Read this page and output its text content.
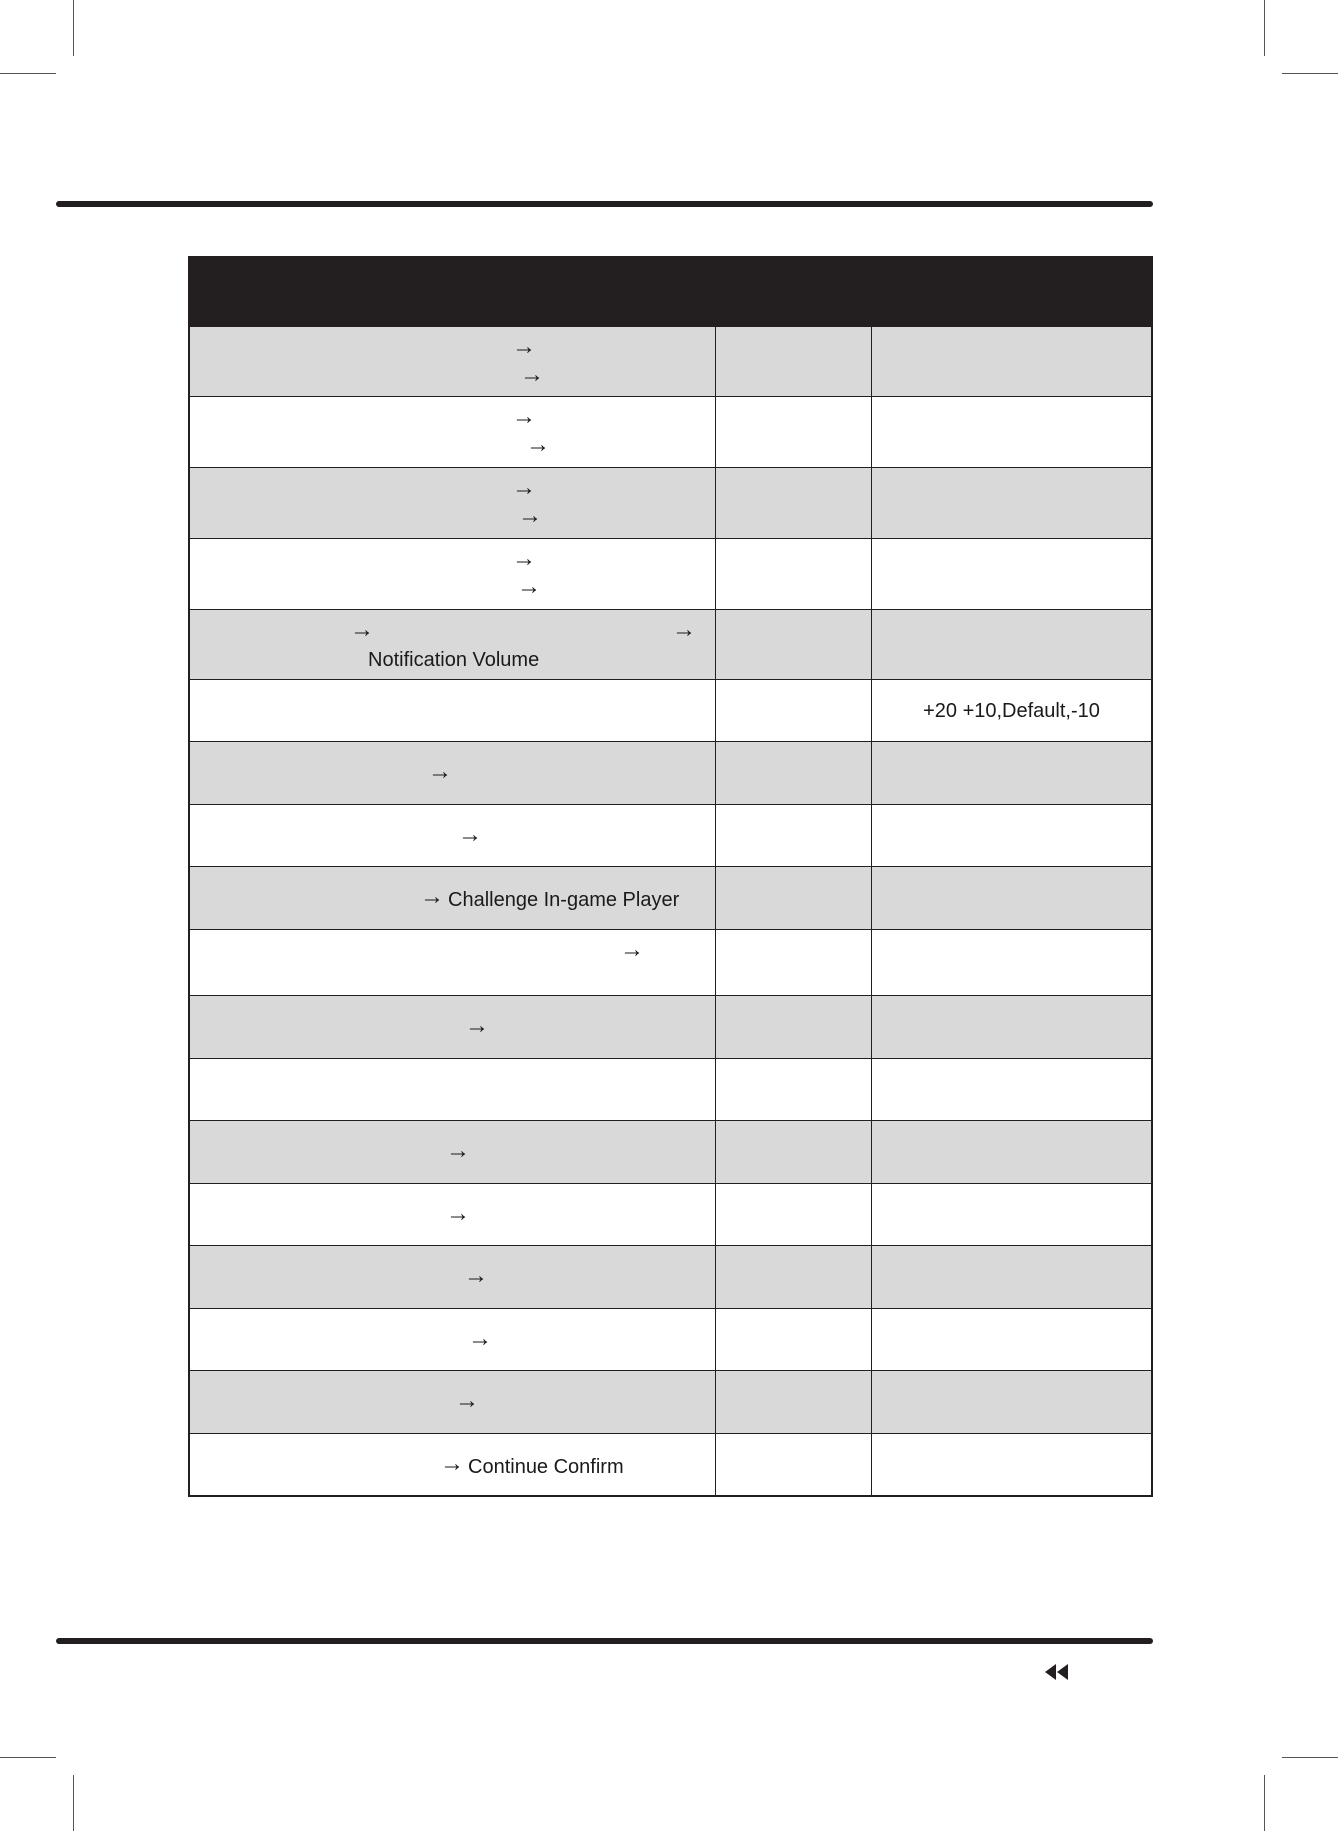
→
→
→
→
→
→
→
→
→	→
Notification Volume
+20 +10,Default,-10
→
→
→ Challenge In-game Player
→
→
→
→
→
→
→
→ Continue Confirm
